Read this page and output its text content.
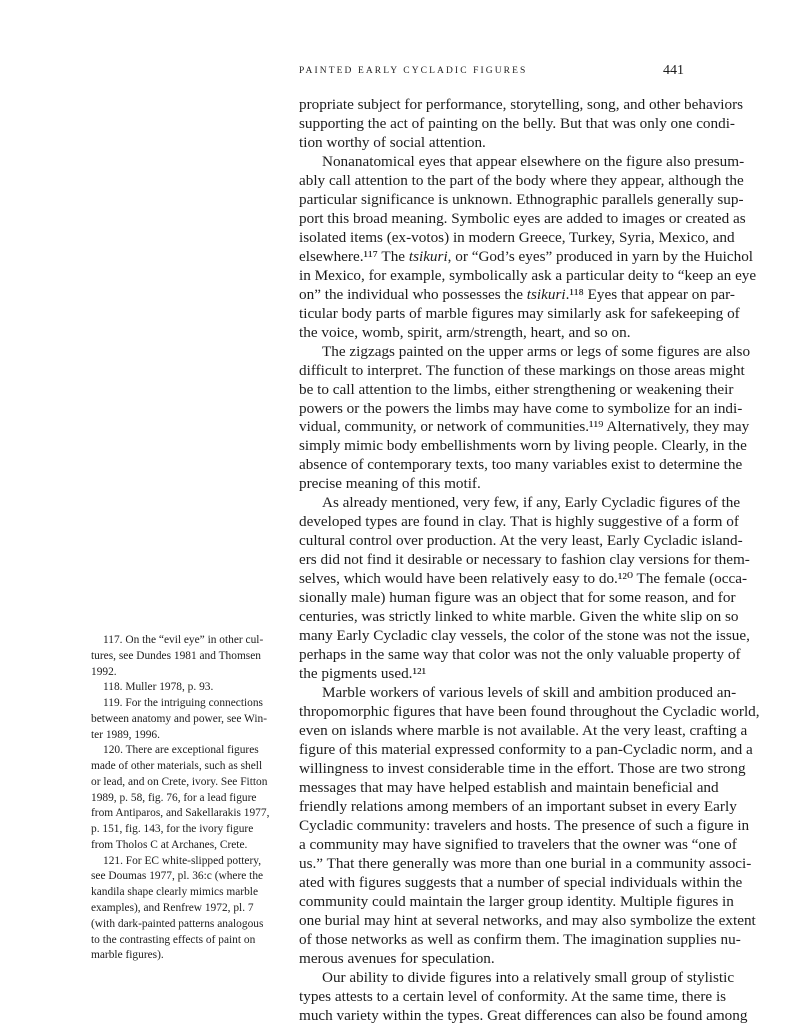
PAINTED EARLY CYCLADIC FIGURES	441
propriate subject for performance, storytelling, song, and other behaviors
supporting the act of painting on the belly. But that was only one condi-
tion worthy of social attention.
Nonanatomical eyes that appear elsewhere on the figure also presum-
ably call attention to the part of the body where they appear, although the
particular significance is unknown. Ethnographic parallels generally sup-
port this broad meaning. Symbolic eyes are added to images or created as
isolated items (ex-votos) in modern Greece, Turkey, Syria, Mexico, and
elsewhere.¹¹⁷ The tsikuri, or “God’s eyes” produced in yarn by the Huichol
in Mexico, for example, symbolically ask a particular deity to “keep an eye
on” the individual who possesses the tsikuri.¹¹⁸ Eyes that appear on par-
ticular body parts of marble figures may similarly ask for safekeeping of
the voice, womb, spirit, arm/strength, heart, and so on.
The zigzags painted on the upper arms or legs of some figures are also
difficult to interpret. The function of these markings on those areas might
be to call attention to the limbs, either strengthening or weakening their
powers or the powers the limbs may have come to symbolize for an indi-
vidual, community, or network of communities.¹¹⁹ Alternatively, they may
simply mimic body embellishments worn by living people. Clearly, in the
absence of contemporary texts, too many variables exist to determine the
precise meaning of this motif.
As already mentioned, very few, if any, Early Cycladic figures of the
developed types are found in clay. That is highly suggestive of a form of
cultural control over production. At the very least, Early Cycladic island-
ers did not find it desirable or necessary to fashion clay versions for them-
selves, which would have been relatively easy to do.¹²⁰ The female (occa-
sionally male) human figure was an object that for some reason, and for
centuries, was strictly linked to white marble. Given the white slip on so
many Early Cycladic clay vessels, the color of the stone was not the issue,
perhaps in the same way that color was not the only valuable property of
the pigments used.¹²¹
Marble workers of various levels of skill and ambition produced an-
thropomorphic figures that have been found throughout the Cycladic world,
even on islands where marble is not available. At the very least, crafting a
figure of this material expressed conformity to a pan-Cycladic norm, and a
willingness to invest considerable time in the effort. Those are two strong
messages that may have helped establish and maintain beneficial and
friendly relations among members of an important subset in every Early
Cycladic community: travelers and hosts. The presence of such a figure in
a community may have signified to travelers that the owner was “one of
us.” That there generally was more than one burial in a community associ-
ated with figures suggests that a number of special individuals within the
community could maintain the larger group identity. Multiple figures in
one burial may hint at several networks, and may also symbolize the extent
of those networks as well as confirm them. The imagination supplies nu-
merous avenues for speculation.
Our ability to divide figures into a relatively small group of stylistic
types attests to a certain level of conformity. At the same time, there is
much variety within the types. Great differences can also be found among
117. On the “evil eye” in other cul-
tures, see Dundes 1981 and Thomsen
1992.
118. Muller 1978, p. 93.
119. For the intriguing connections
between anatomy and power, see Win-
ter 1989, 1996.
120. There are exceptional figures
made of other materials, such as shell
or lead, and on Crete, ivory. See Fitton
1989, p. 58, fig. 76, for a lead figure
from Antiparos, and Sakellarakis 1977,
p. 151, fig. 143, for the ivory figure
from Tholos C at Archanes, Crete.
121. For EC white-slipped pottery,
see Doumas 1977, pl. 36:c (where the
kandila shape clearly mimics marble
examples), and Renfrew 1972, pl. 7
(with dark-painted patterns analogous
to the contrasting effects of paint on
marble figures).
